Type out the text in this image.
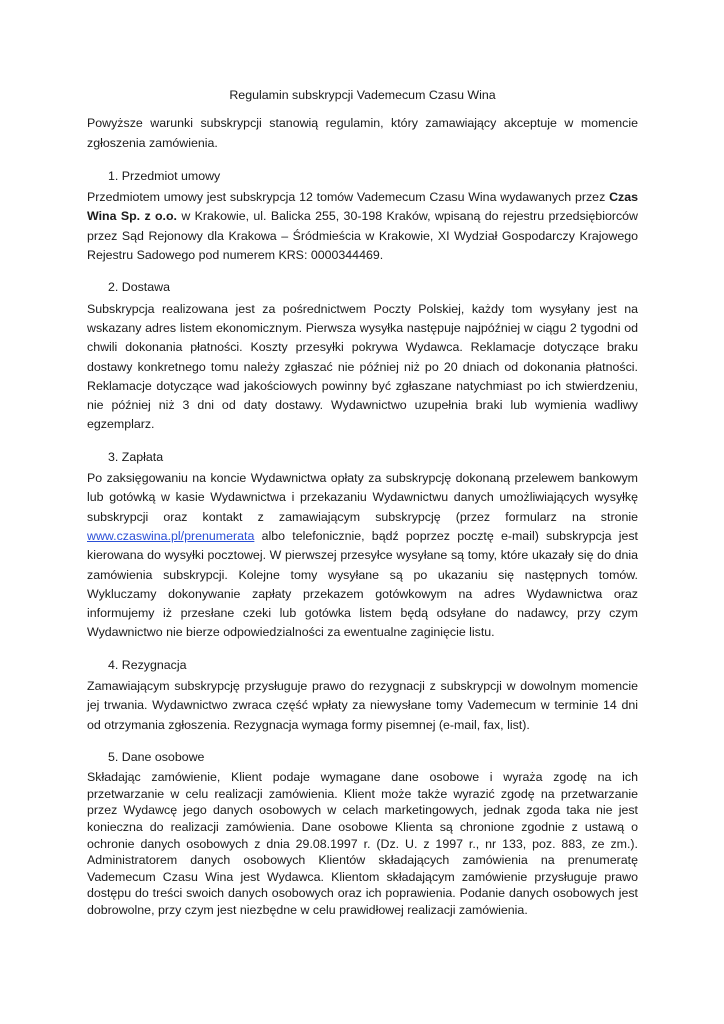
Regulamin subskrypcji Vademecum Czasu Wina

Powyższe warunki subskrypcji stanowią regulamin, który zamawiający akceptuje w momencie zgłoszenia zamówienia.

1. Przedmiot umowy

Przedmiotem umowy jest subskrypcja 12 tomów Vademecum Czasu Wina wydawanych przez Czas Wina Sp. z o.o. w Krakowie, ul. Balicka 255, 30-198 Kraków, wpisaną do rejestru przedsiębiorców przez Sąd Rejonowy dla Krakowa – Śródmieścia w Krakowie, XI Wydział Gospodarczy Krajowego Rejestru Sadowego pod numerem KRS: 0000344469.

2. Dostawa

Subskrypcja realizowana jest za pośrednictwem Poczty Polskiej, każdy tom wysyłany jest na wskazany adres listem ekonomicznym. Pierwsza wysyłka następuje najpóźniej w ciągu 2 tygodni od chwili dokonania płatności. Koszty przesyłki pokrywa Wydawca. Reklamacje dotyczące braku dostawy konkretnego tomu należy zgłaszać nie później niż po 20 dniach od dokonania płatności. Reklamacje dotyczące wad jakościowych powinny być zgłaszane natychmiast po ich stwierdzeniu, nie później niż 3 dni od daty dostawy. Wydawnictwo uzupełnia braki lub wymienia wadliwy egzemplarz.

3. Zapłata

Po zaksięgowaniu na koncie Wydawnictwa opłaty za subskrypcję dokonaną przelewem bankowym lub gotówką w kasie Wydawnictwa i przekazaniu Wydawnictwu danych umożliwiających wysyłkę subskrypcji oraz kontakt z zamawiającym subskrypcję (przez formularz na stronie www.czaswina.pl/prenumerata albo telefonicznie, bądź poprzez pocztę e-mail) subskrypcja jest kierowana do wysyłki pocztowej. W pierwszej przesyłce wysyłane są tomy, które ukazały się do dnia zamówienia subskrypcji. Kolejne tomy wysyłane są po ukazaniu się następnych tomów. Wykluczamy dokonywanie zapłaty przekazem gotówkowym na adres Wydawnictwa oraz informujemy iż przesłane czeki lub gotówka listem będą odsyłane do nadawcy, przy czym Wydawnictwo nie bierze odpowiedzialności za ewentualne zaginięcie listu.

4. Rezygnacja

Zamawiającym subskrypcję przysługuje prawo do rezygnacji z subskrypcji w dowolnym momencie jej trwania. Wydawnictwo zwraca część wpłaty za niewysłane tomy Vademecum w terminie 14 dni od otrzymania zgłoszenia. Rezygnacja wymaga formy pisemnej (e-mail, fax, list).

5. Dane osobowe

Składając zamówienie, Klient podaje wymagane dane osobowe i wyraża zgodę na ich przetwarzanie w celu realizacji zamówienia. Klient może także wyrazić zgodę na przetwarzanie przez Wydawcę jego danych osobowych w celach marketingowych, jednak zgoda taka nie jest konieczna do realizacji zamówienia. Dane osobowe Klienta są chronione zgodnie z ustawą o ochronie danych osobowych z dnia 29.08.1997 r. (Dz. U. z 1997 r., nr 133, poz. 883, ze zm.). Administratorem danych osobowych Klientów składających zamówienia na prenumeratę Vademecum Czasu Wina jest Wydawca. Klientom składającym zamówienie przysługuje prawo dostępu do treści swoich danych osobowych oraz ich poprawienia. Podanie danych osobowych jest dobrowolne, przy czym jest niezbędne w celu prawidłowej realizacji zamówienia.
